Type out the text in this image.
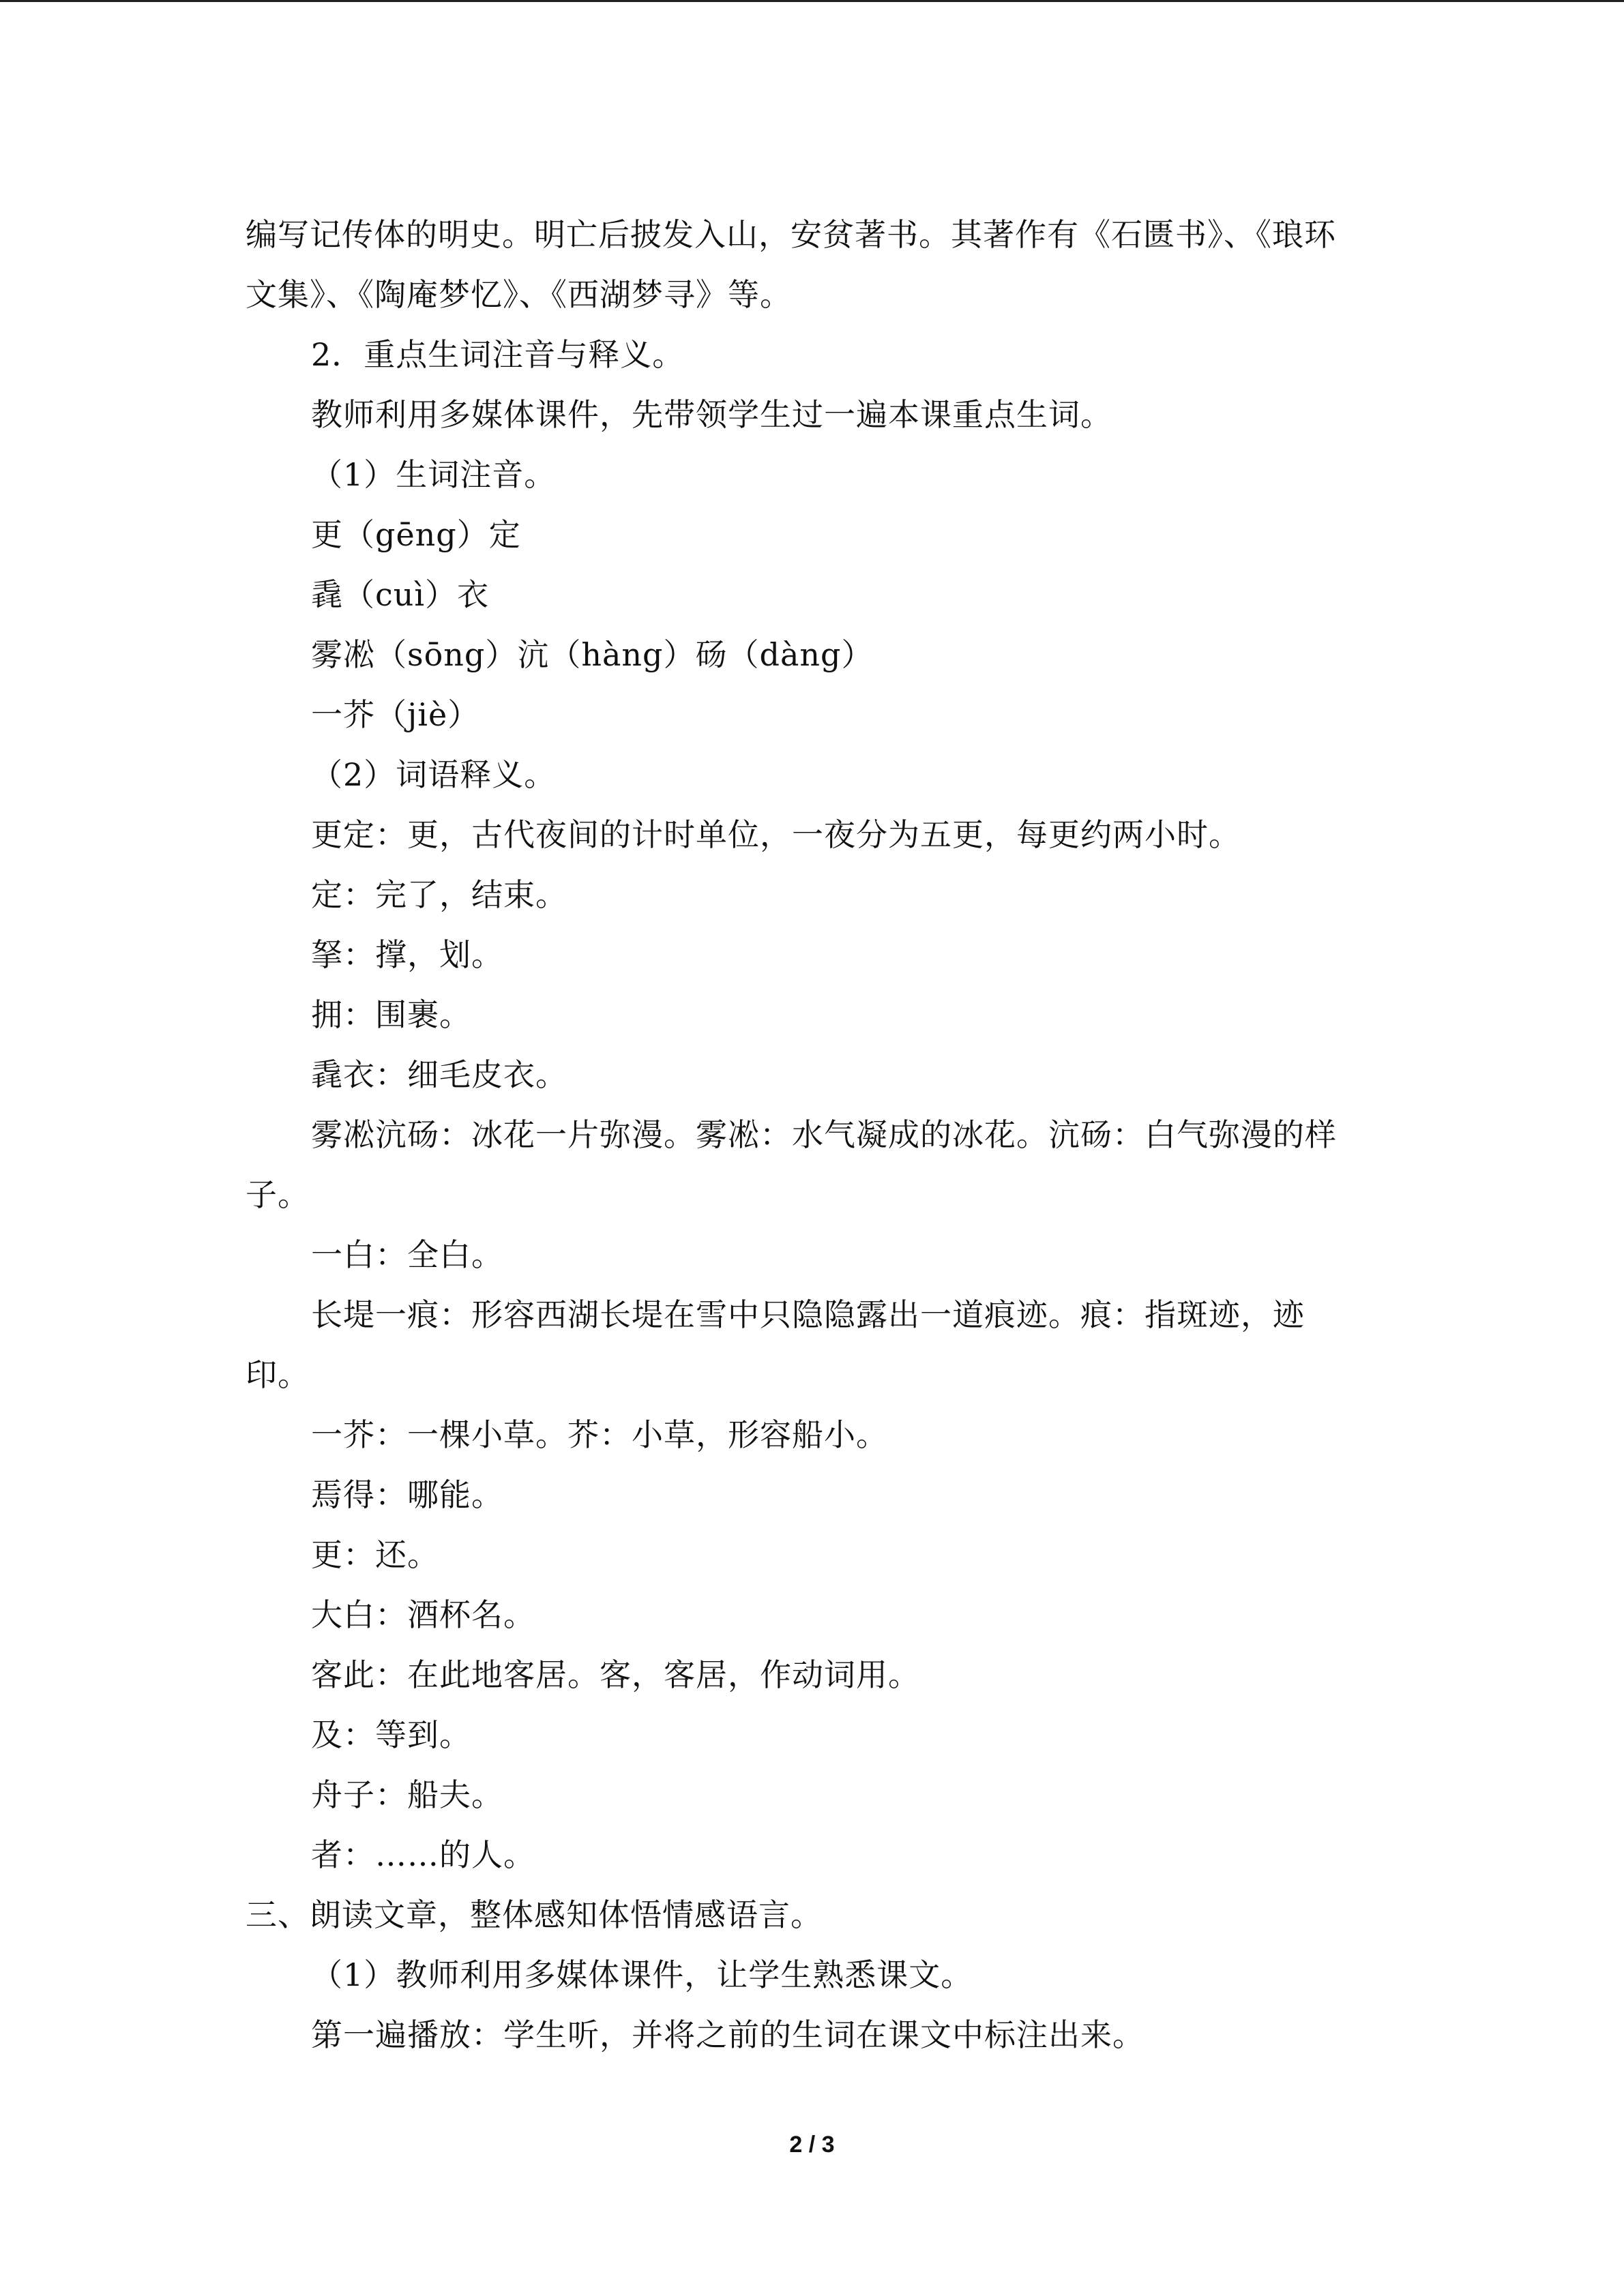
编写记传体的明史。明亡后披发入山，安贫著书。其著作有《石匮书》、《琅环
文集》、《陶庵梦忆》、《西湖梦寻》等。
2．重点生词注音与释义。
教师利用多媒体课件，先带领学生过一遍本课重点生词。
（1）生词注音。
更（gēng）定
毳（cuì）衣
雾凇（sōng）沆（hàng）砀（dàng）
一芥（jiè）
（2）词语释义。
更定：更，古代夜间的计时单位，一夜分为五更，每更约两小时。
定：完了，结束。
拏：撑，划。
拥：围裹。
毳衣：细毛皮衣。
雾凇沆砀：冰花一片弥漫。雾凇：水气凝成的冰花。沆砀：白气弥漫的样
子。
一白：全白。
长堤一痕：形容西湖长堤在雪中只隐隐露出一道痕迹。痕：指斑迹，迹
印。
一芥：一棵小草。芥：小草，形容船小。
焉得：哪能。
更：还。
大白：酒杯名。
客此：在此地客居。客，客居，作动词用。
及：等到。
舟子：船夫。
者：……的人。
三、朗读文章，整体感知体悟情感语言。
（1）教师利用多媒体课件，让学生熟悉课文。
第一遍播放：学生听，并将之前的生词在课文中标注出来。
2 / 3
